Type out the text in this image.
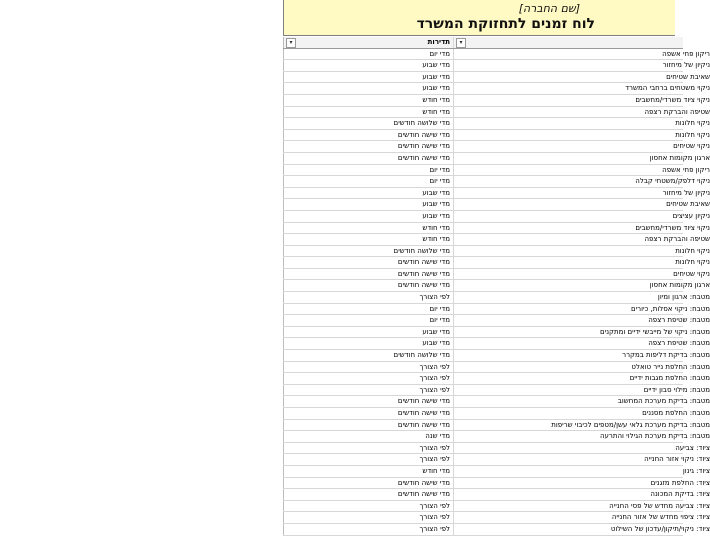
[שם החברה]
לוח זמנים לתחזוקת המשרד
▾ תדירות	▾

מדי יום	ריקון פחי אשפה

מדי שבוע	ניקיון של מיחזור

מדי שבוע	שאיבת שטיחים

מדי שבוע	ניקוי משטחים ברחבי המשרד

מדי חודש	ניקוי ציוד משרדי/מחשבים

מדי חודש	שטיפה והברקת רצפה

מדי שלושה חודשים	ניקוי חלונות

מדי שישה חודשים	ניקוי חלונות

מדי שישה חודשים	ניקוי שטיחים

מדי שישה חודשים	ארגון מקומות אחסון

מדי יום	ריקון פחי אשפה

מדי יום	ניקוי דלפק/משטחי קבלה

מדי שבוע	ניקיון של מיחזור

מדי שבוע	שאיבת שטיחים

מדי שבוע	ניקיון עציצים

מדי חודש	ניקוי ציוד משרדי/מחשבים

מדי חודש	שטיפה והברקת רצפה

מדי שלושה חודשים	ניקוי חלונות

מדי שישה חודשים	ניקוי חלונות

מדי שישה חודשים	ניקוי שטיחים

מדי שישה חודשים	ארגון מקומות אחסון

לפי הצורך	מטבח: ארגון ומיון

מדי יום	מטבח: ניקוי אסלות, כיורים

מדי יום	מטבח: שטיפת רצפה

מדי שבוע	מטבח: ניקוי של מייבשי ידיים ומתקנים

מדי שבוע	מטבח: שטיפת רצפה

מדי שלושה חודשים	מטבח: בדיקת דליפות במקרר

לפי הצורך	מטבח: החלפת נייר טואלט

לפי הצורך	מטבח: החלפת מגבות ידיים

לפי הצורך	מטבח: מילוי סבון ידיים

מדי שישה חודשים	מטבח: בדיקת מערכת המחשוב

מדי שישה חודשים	מטבח: החלפת מסננים

מדי שישה חודשים	מטבח: בדיקת מערכת גלאי עשן/מטפים לכיבוי שריפות

מדי שנה	מטבח: בדיקת מערכת הגילוי והתרעה

לפי הצורך	ציוד: צביעה

לפי הצורך	ציוד: ניקוי אזור החנייה

מדי חודש	ציוד: גינון

מדי שישה חודשים	ציוד: החלפת מזגנים

מדי שישה חודשים	ציוד: בדיקת המכונה

לפי הצורך	ציוד: צביעה מחדש של פסי החנייה

לפי הצורך	ציוד: ציפוי מחדש של אזור החנייה

לפי הצורך	ציוד: ניקוי/תיקון/עדכון של השילוט
